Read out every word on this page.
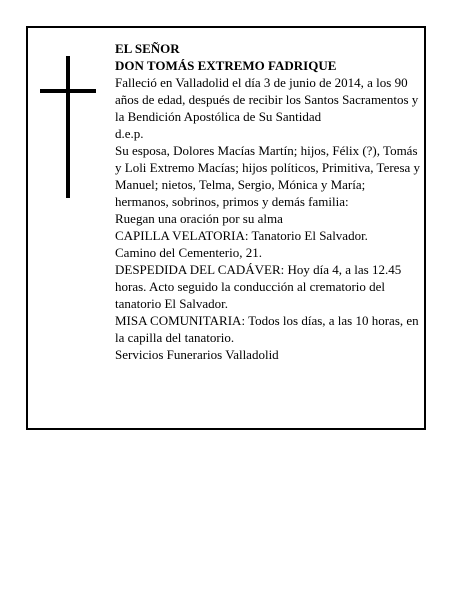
EL SEÑOR

DON TOMÁS EXTREMO FADRIQUE

Falleció en Valladolid el día 3 de junio de 2014, a los 90 años de edad, después de recibir los Santos Sacramentos y la Bendición Apostólica de Su Santidad

d.e.p.

Su esposa, Dolores Macías Martín; hijos, Félix (?), Tomás y Loli Extremo Macías; hijos políticos, Primitiva, Teresa y Manuel; nietos, Telma, Sergio, Mónica y María; hermanos, sobrinos, primos y demás familia:

Ruegan una oración por su alma

CAPILLA VELATORIA: Tanatorio El Salvador.

Camino del Cementerio, 21.

DESPEDIDA DEL CADÁVER: Hoy día 4, a las 12.45 horas. Acto seguido la conducción al crematorio del tanatorio El Salvador.

MISA COMUNITARIA: Todos los días, a las 10 horas, en la capilla del tanatorio.

Servicios Funerarios Valladolid
